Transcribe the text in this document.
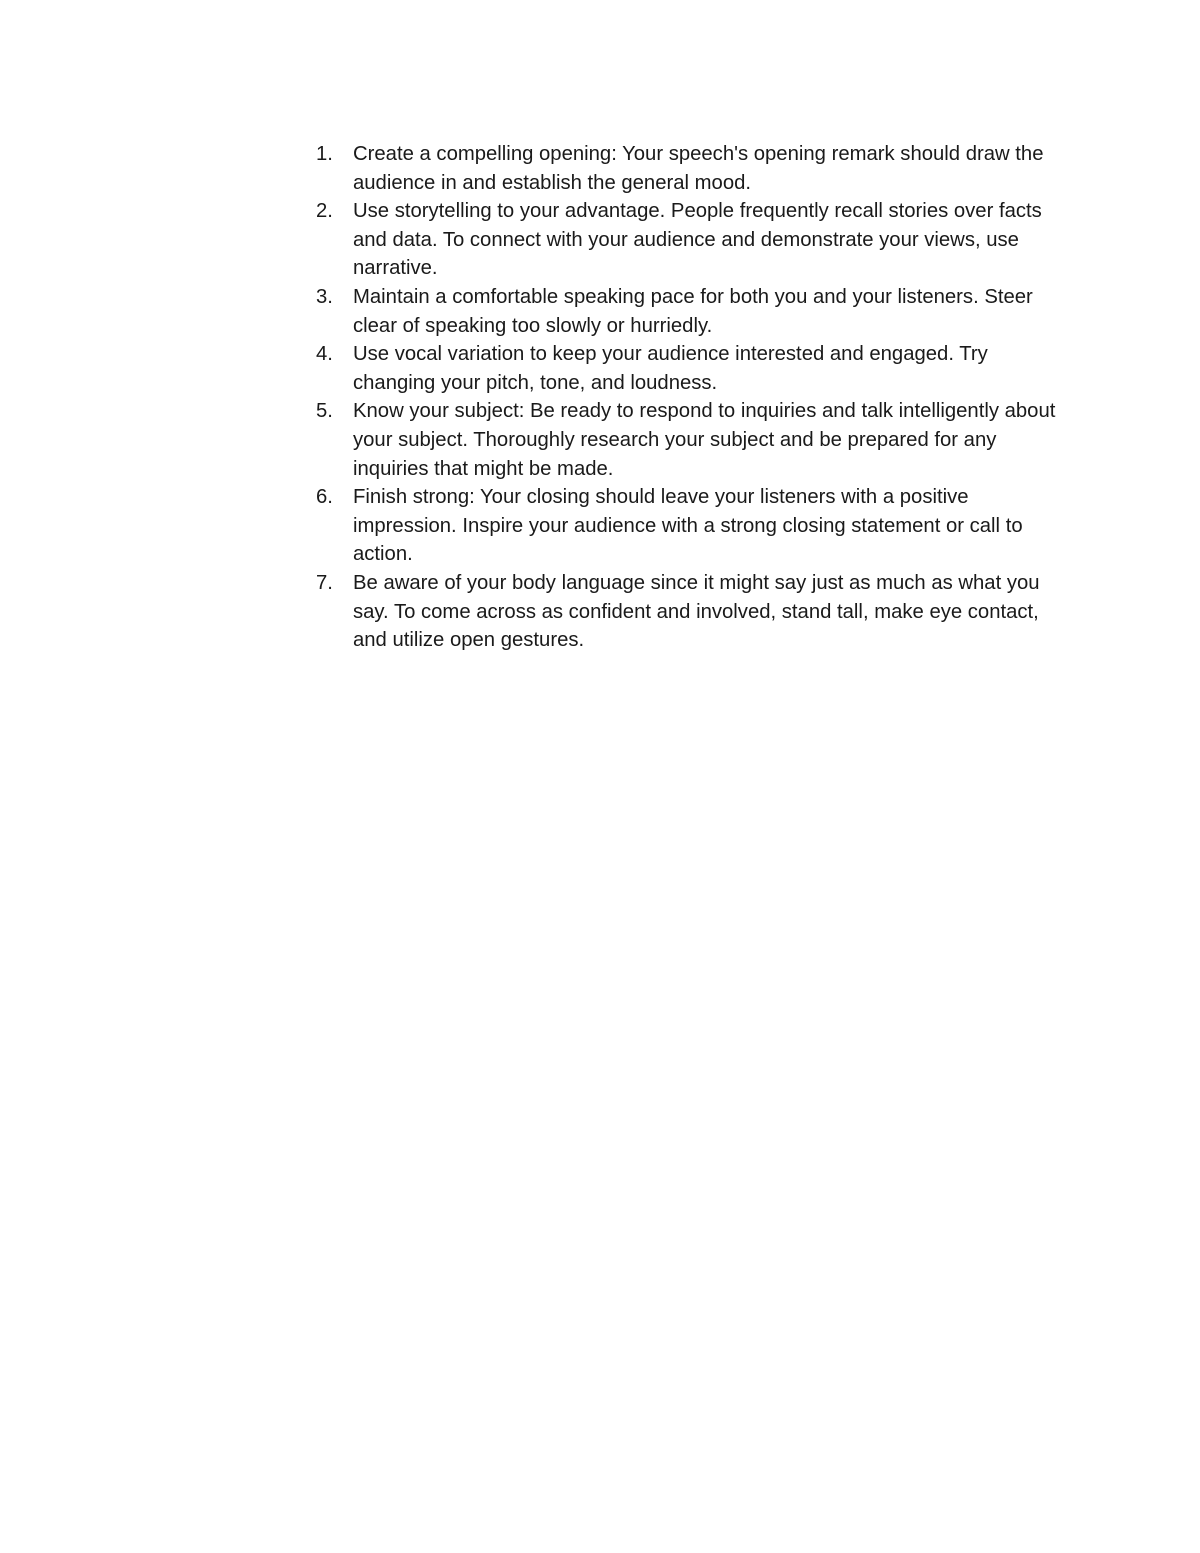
1. Create a compelling opening: Your speech's opening remark should draw the audience in and establish the general mood.
2. Use storytelling to your advantage. People frequently recall stories over facts and data. To connect with your audience and demonstrate your views, use narrative.
3. Maintain a comfortable speaking pace for both you and your listeners. Steer clear of speaking too slowly or hurriedly.
4. Use vocal variation to keep your audience interested and engaged. Try changing your pitch, tone, and loudness.
5. Know your subject: Be ready to respond to inquiries and talk intelligently about your subject. Thoroughly research your subject and be prepared for any inquiries that might be made.
6. Finish strong: Your closing should leave your listeners with a positive impression. Inspire your audience with a strong closing statement or call to action.
7. Be aware of your body language since it might say just as much as what you say. To come across as confident and involved, stand tall, make eye contact, and utilize open gestures.
